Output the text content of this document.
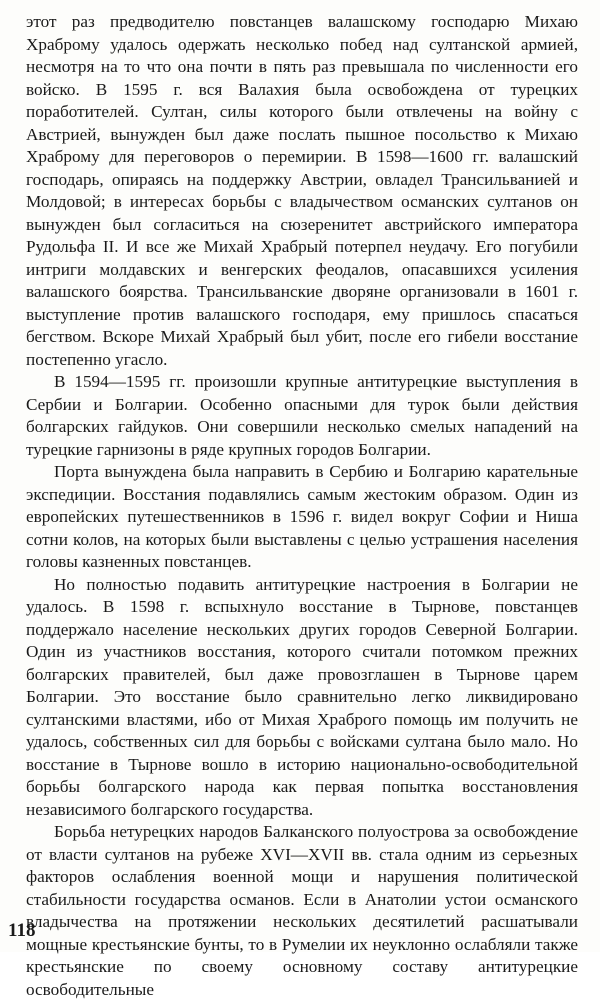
этот раз предводителю повстанцев валашскому господарю Михаю Храброму удалось одержать несколько побед над султанской армией, несмотря на то что она почти в пять раз превышала по численности его войско. В 1595 г. вся Валахия была освобождена от турецких поработителей. Султан, силы которого были отвлечены на войну с Австрией, вынужден был даже послать пышное посольство к Михаю Храброму для переговоров о перемирии. В 1598—1600 гг. валашский господарь, опираясь на поддержку Австрии, овладел Трансильванией и Молдовой; в интересах борьбы с владычеством османских султанов он вынужден был согласиться на сюзеренитет австрийского императора Рудольфа II. И все же Михай Храбрый потерпел неудачу. Его погубили интриги молдавских и венгерских феодалов, опасавшихся усиления валашского боярства. Трансильванские дворяне организовали в 1601 г. выступление против валашского господаря, ему пришлось спасаться бегством. Вскоре Михай Храбрый был убит, после его гибели восстание постепенно угасло.

В 1594—1595 гг. произошли крупные антитурецкие выступления в Сербии и Болгарии. Особенно опасными для турок были действия болгарских гайдуков. Они совершили несколько смелых нападений на турецкие гарнизоны в ряде крупных городов Болгарии.

Порта вынуждена была направить в Сербию и Болгарию карательные экспедиции. Восстания подавлялись самым жестоким образом. Один из европейских путешественников в 1596 г. видел вокруг Софии и Ниша сотни колов, на которых были выставлены с целью устрашения населения головы казненных повстанцев.

Но полностью подавить антитурецкие настроения в Болгарии не удалось. В 1598 г. вспыхнуло восстание в Тырнове, повстанцев поддержало население нескольких других городов Северной Болгарии. Один из участников восстания, которого считали потомком прежних болгарских правителей, был даже провозглашен в Тырнове царем Болгарии. Это восстание было сравнительно легко ликвидировано султанскими властями, ибо от Михая Храброго помощь им получить не удалось, собственных сил для борьбы с войсками султана было мало. Но восстание в Тырнове вошло в историю национально-освободительной борьбы болгарского народа как первая попытка восстановления независимого болгарского государства.

Борьба нетурецких народов Балканского полуострова за освобождение от власти султанов на рубеже XVI—XVII вв. стала одним из серьезных факторов ослабления военной мощи и нарушения политической стабильности государства османов. Если в Анатолии устои османского владычества на протяжении нескольких десятилетий расшатывали мощные крестьянские бунты, то в Румелии их неуклонно ослабляли также крестьянские по своему основному составу антитурецкие освободительные

118
